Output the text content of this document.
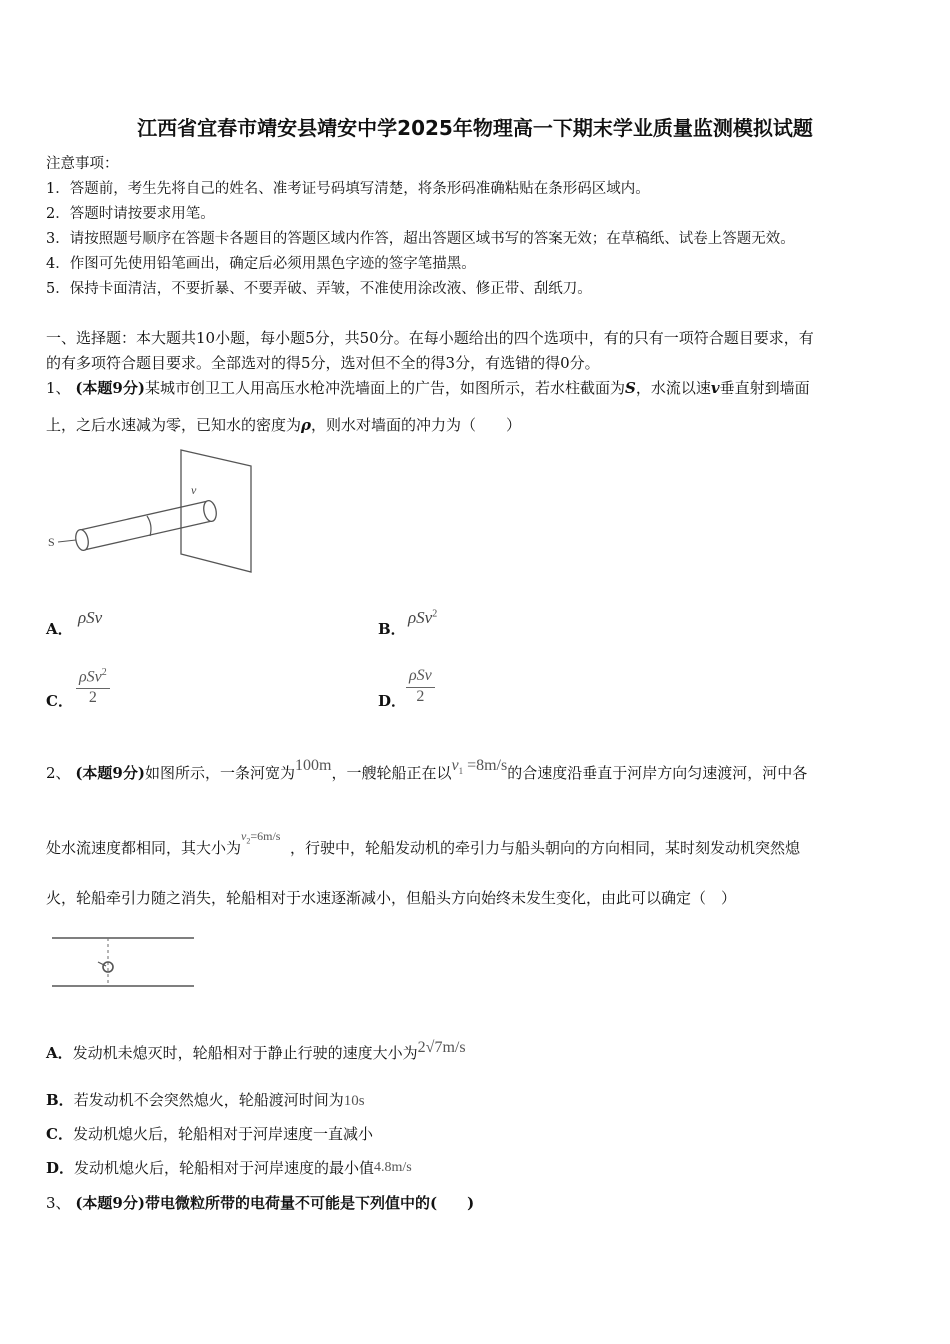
江西省宜春市靖安县靖安中学2025年物理高一下期末学业质量监测模拟试题
注意事项：
1．答题前，考生先将自己的姓名、准考证号码填写清楚，将条形码准确粘贴在条形码区域内。
2．答题时请按要求用笔。
3．请按照题号顺序在答题卡各题目的答题区域内作答，超出答题区域书写的答案无效；在草稿纸、试卷上答题无效。
4．作图可先使用铅笔画出，确定后必须用黑色字迹的签字笔描黑。
5．保持卡面清洁，不要折暴、不要弄破、弄皱，不准使用涂改液、修正带、刮纸刀。
一、选择题：本大题共10小题，每小题5分，共50分。在每小题给出的四个选项中，有的只有一项符合题目要求，有
的有多项符合题目要求。全部选对的得5分，选对但不全的得3分，有选错的得0分。
1、 (本题9分)某城市创卫工人用高压水枪冲洗墙面上的广告，如图所示，若水柱截面为S，水流以速v垂直射到墙面
上，之后水速减为零，已知水的密度为ρ，则水对墙面的冲力为（　　）
S
v
A．
ρSv
B．
ρSv$^2$
C．
ρSv$^2$
2	D．
ρSv
2
2、 (本题9分)如图所示，一条河宽为100m，一艘轮船正在以$v_1 =8m/s$的合速度沿垂直于河岸方向匀速渡河，河中各
处水流速度都相同，其大小为$^{v_2=6m/s}$  ，行驶中，轮船发动机的牵引力与船头朝向的方向相同，某时刻发动机突然熄
火，轮船牵引力随之消失，轮船相对于水速逐渐减小，但船头方向始终未发生变化，由此可以确定（　）
A．发动机未熄灭时，轮船相对于静止行驶的速度大小为2√7m/s
B．若发动机不会突然熄火，轮船渡河时间为10s
C．发动机熄火后，轮船相对于河岸速度一直减小
D．发动机熄火后，轮船相对于河岸速度的最小值4.8m/s
3、 (本题9分)带电微粒所带的电荷量不可能是下列值中的(　　)
